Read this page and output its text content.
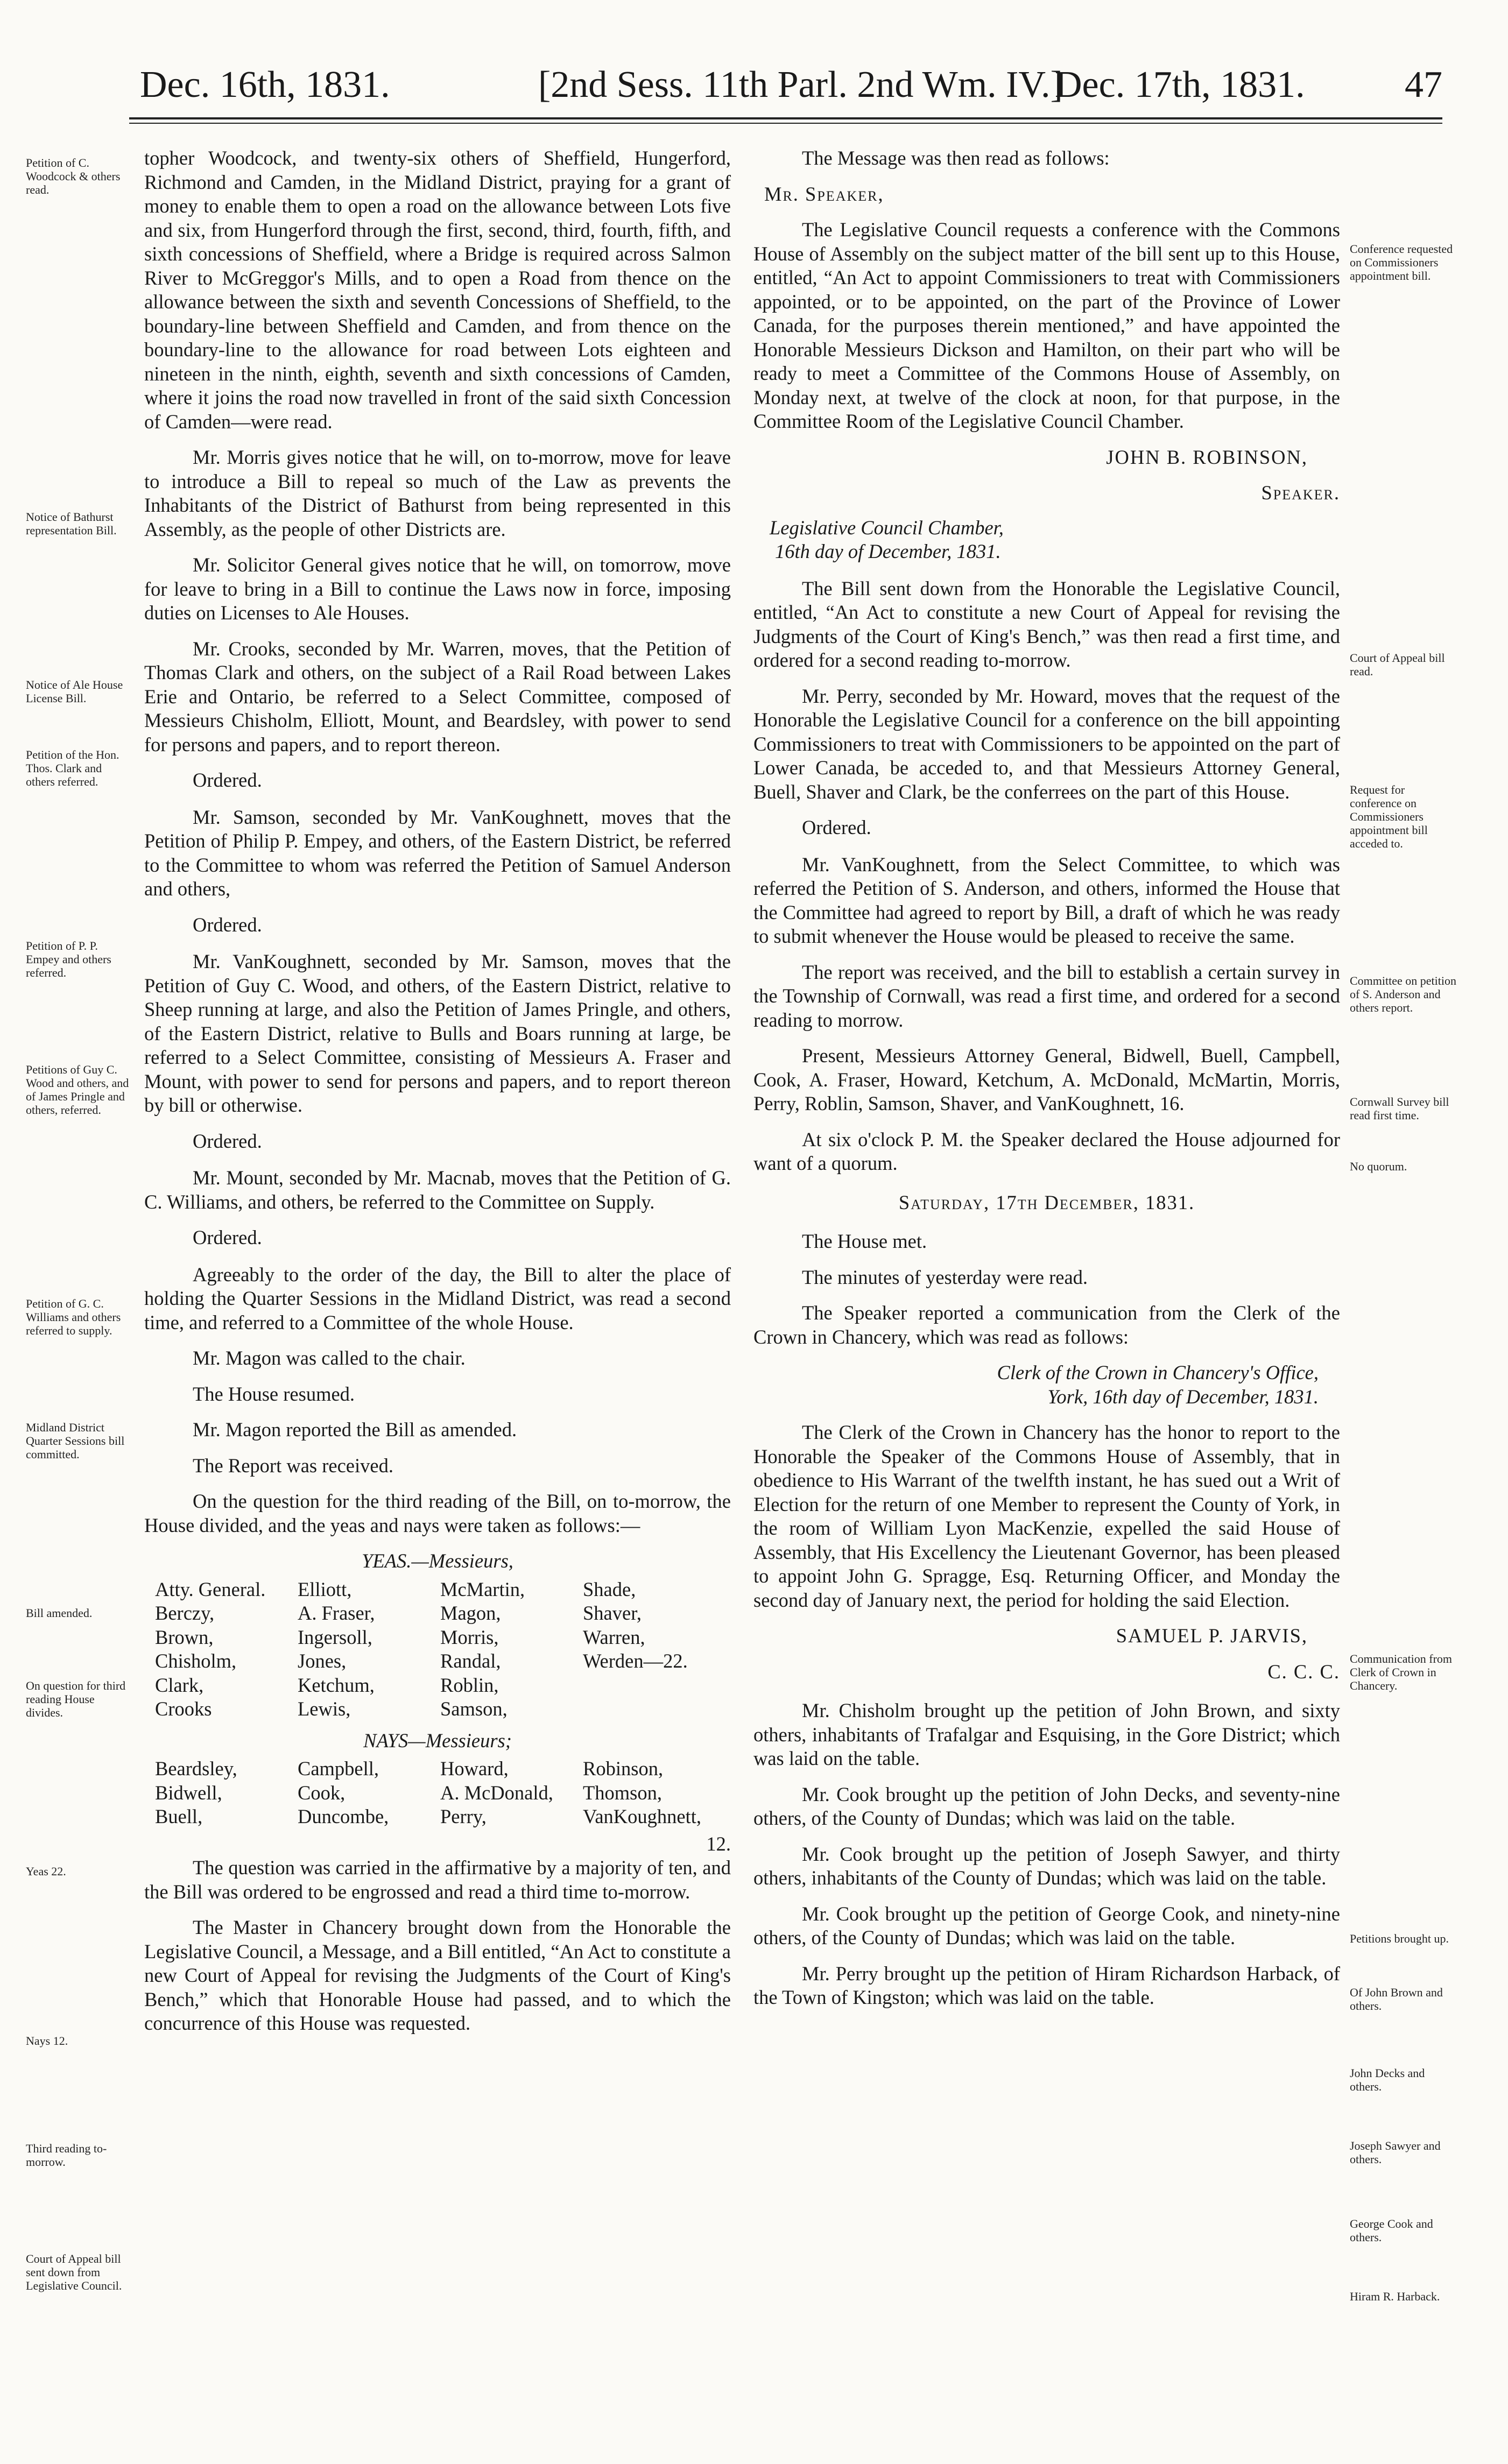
Dec. 16th, 1831.	[2nd Sess. 11th Parl. 2nd Wm. IV.]
Dec. 17th, 1831.	47
Petition of C. Woodcock & others read.
Notice of Bathurst representation Bill.
Notice of Ale House License Bill.
Petition of the Hon. Thos. Clark and others referred.
Petition of P. P. Empey and others referred.
Petitions of Guy C. Wood and others, and of James Pringle and others, referred.
Petition of G. C. Williams and others referred to supply.
Midland District Quarter Sessions bill committed.
Bill amended.
On question for third reading House divides.
Yeas 22.
Nays 12.
Third reading to-morrow.
Court of Appeal bill sent down from Legislative Council.
Conference requested on Commissioners appointment bill.
Court of Appeal bill read.
Request for conference on Commissioners appointment bill acceded to.
Committee on petition of S. Anderson and others report.
Cornwall Survey bill read first time.
No quorum.
Communication from Clerk of Crown in Chancery.
Petitions brought up.
Of John Brown and others.
John Decks and others.
Joseph Sawyer and others.
George Cook and others.
Hiram R. Harback.

topher Woodcock, and twenty-six others of Sheffield, Hungerford, Richmond and Camden, in the Midland District, praying for a grant of money to enable them to open a road on the allowance between Lots five and six, from Hungerford through the first, second, third, fourth, fifth, and sixth concessions of Sheffield, where a Bridge is required across Salmon River to McGreggor's Mills, and to open a Road from thence on the allowance between the sixth and seventh Concessions of Sheffield, to the boundary-line between Sheffield and Camden, and from thence on the boundary-line to the allowance for road between Lots eighteen and nineteen in the ninth, eighth, seventh and sixth concessions of Camden, where it joins the road now travelled in front of the said sixth Concession of Camden—were read.

Mr. Morris gives notice that he will, on to-morrow, move for leave to introduce a Bill to repeal so much of the Law as prevents the Inhabitants of the District of Bathurst from being represented in this Assembly, as the people of other Districts are.

Mr. Solicitor General gives notice that he will, on tomorrow, move for leave to bring in a Bill to continue the Laws now in force, imposing duties on Licenses to Ale Houses.

Mr. Crooks, seconded by Mr. Warren, moves, that the Petition of Thomas Clark and others, on the subject of a Rail Road between Lakes Erie and Ontario, be referred to a Select Committee, composed of Messieurs Chisholm, Elliott, Mount, and Beardsley, with power to send for persons and papers, and to report thereon.

Ordered.

Mr. Samson, seconded by Mr. VanKoughnett, moves that the Petition of Philip P. Empey, and others, of the Eastern District, be referred to the Committee to whom was referred the Petition of Samuel Anderson and others,

Ordered.

Mr. VanKoughnett, seconded by Mr. Samson, moves that the Petition of Guy C. Wood, and others, of the Eastern District, relative to Sheep running at large, and also the Petition of James Pringle, and others, of the Eastern District, relative to Bulls and Boars running at large, be referred to a Select Committee, consisting of Messieurs A. Fraser and Mount, with power to send for persons and papers, and to report thereon by bill or otherwise.

Ordered.

Mr. Mount, seconded by Mr. Macnab, moves that the Petition of G. C. Williams, and others, be referred to the Committee on Supply.

Ordered.

Agreeably to the order of the day, the Bill to alter the place of holding the Quarter Sessions in the Midland District, was read a second time, and referred to a Committee of the whole House.

Mr. Magon was called to the chair.

The House resumed.

Mr. Magon reported the Bill as amended.

The Report was received.

On the question for the third reading of the Bill, on to-morrow, the House divided, and the yeas and nays were taken as follows:—

YEAS.—Messieurs,
Atty. General.	Elliott,	McMartin,	Shade,
Berczy,	A. Fraser,	Magon,	Shaver,
Brown,	Ingersoll,	Morris,	Warren,
Chisholm,	Jones,	Randal,	Werden—22.
Clark,	Ketchum,	Roblin,	
Crooks	Lewis,	Samson,	
NAYS—Messieurs;
Beardsley,	Campbell,	Howard,	Robinson,
Bidwell,	Cook,	A. McDonald,	Thomson,
Buell,	Duncombe,	Perry,	VanKoughnett,
12.

The question was carried in the affirmative by a majority of ten, and the Bill was ordered to be engrossed and read a third time to-morrow.

The Master in Chancery brought down from the Honorable the Legislative Council, a Message, and a Bill entitled, “An Act to constitute a new Court of Appeal for revising the Judgments of the Court of King's Bench,” which that Honorable House had passed, and to which the concurrence of this House was requested.

The Message was then read as follows:

Mr. Speaker,

The Legislative Council requests a conference with the Commons House of Assembly on the subject matter of the bill sent up to this House, entitled, “An Act to appoint Commissioners to treat with Commissioners appointed, or to be appointed, on the part of the Province of Lower Canada, for the purposes therein mentioned,” and have appointed the Honorable Messieurs Dickson and Hamilton, on their part who will be ready to meet a Committee of the Commons House of Assembly, on Monday next, at twelve of the clock at noon, for that purpose, in the Committee Room of the Legislative Council Chamber.

JOHN B. ROBINSON,

Speaker.

Legislative Council Chamber,

16th day of December, 1831.

The Bill sent down from the Honorable the Legislative Council, entitled, “An Act to constitute a new Court of Appeal for revising the Judgments of the Court of King's Bench,” was then read a first time, and ordered for a second reading to-morrow.

Mr. Perry, seconded by Mr. Howard, moves that the request of the Honorable the Legislative Council for a conference on the bill appointing Commissioners to treat with Commissioners to be appointed on the part of Lower Canada, be acceded to, and that Messieurs Attorney General, Buell, Shaver and Clark, be the conferrees on the part of this House.

Ordered.

Mr. VanKoughnett, from the Select Committee, to which was referred the Petition of S. Anderson, and others, informed the House that the Committee had agreed to report by Bill, a draft of which he was ready to submit whenever the House would be pleased to receive the same.

The report was received, and the bill to establish a certain survey in the Township of Cornwall, was read a first time, and ordered for a second reading to morrow.

Present, Messieurs Attorney General, Bidwell, Buell, Campbell, Cook, A. Fraser, Howard, Ketchum, A. McDonald, McMartin, Morris, Perry, Roblin, Samson, Shaver, and VanKoughnett, 16.

At six o'clock P. M. the Speaker declared the House adjourned for want of a quorum.

Saturday, 17th December, 1831.

The House met.

The minutes of yesterday were read.

The Speaker reported a communication from the Clerk of the Crown in Chancery, which was read as follows:

Clerk of the Crown in Chancery's Office,

York, 16th day of December, 1831.

The Clerk of the Crown in Chancery has the honor to report to the Honorable the Speaker of the Commons House of Assembly, that in obedience to His Warrant of the twelfth instant, he has sued out a Writ of Election for the return of one Member to represent the County of York, in the room of William Lyon MacKenzie, expelled the said House of Assembly, that His Excellency the Lieutenant Governor, has been pleased to appoint John G. Spragge, Esq. Returning Officer, and Monday the second day of January next, the period for holding the said Election.

SAMUEL P. JARVIS,

C. C. C.

Mr. Chisholm brought up the petition of John Brown, and sixty others, inhabitants of Trafalgar and Esquising, in the Gore District; which was laid on the table.

Mr. Cook brought up the petition of John Decks, and seventy-nine others, of the County of Dundas; which was laid on the table.

Mr. Cook brought up the petition of Joseph Sawyer, and thirty others, inhabitants of the County of Dundas; which was laid on the table.

Mr. Cook brought up the petition of George Cook, and ninety-nine others, of the County of Dundas; which was laid on the table.

Mr. Perry brought up the petition of Hiram Richardson Harback, of the Town of Kingston; which was laid on the table.
